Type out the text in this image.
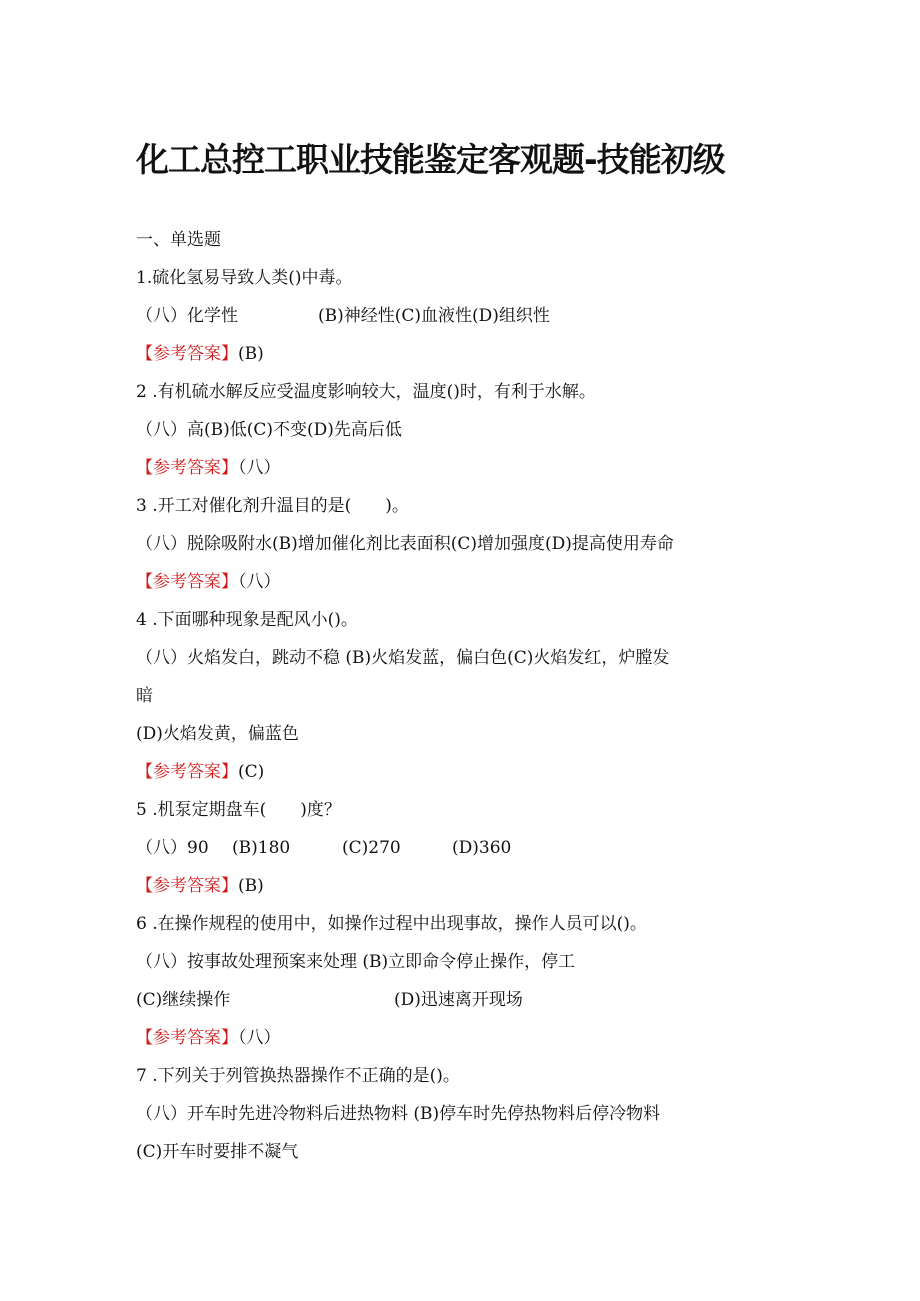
化工总控工职业技能鉴定客观题-技能初级
一、单选题
1.硫化氢易导致人类()中毒。
（八）化学性	(B)神经性(C)血液性(D)组织性
【参考答案】(B)
2 .有机硫水解反应受温度影响较大，温度()时，有利于水解。
（八）高(B)低(C)不变(D)先高后低
【参考答案】（八）
3 .开工对催化剂升温目的是(　　)。
（八）脱除吸附水(B)增加催化剂比表面积(C)增加强度(D)提高使用寿命
【参考答案】（八）
4 .下面哪种现象是配风小()。
（八）火焰发白，跳动不稳 (B)火焰发蓝，偏白色(C)火焰发红，炉膛发
暗
(D)火焰发黄，偏蓝色
【参考答案】(C)
5 .机泵定期盘车(　　)度？
（八）90 (B)180	(C)270	(D)360
【参考答案】(B)
6 .在操作规程的使用中，如操作过程中出现事故，操作人员可以()。
（八）按事故处理预案来处理 (B)立即命令停止操作，停工
(C)继续操作	(D)迅速离开现场
【参考答案】（八）
7 .下列关于列管换热器操作不正确的是()。
（八）开车时先进冷物料后进热物料 (B)停车时先停热物料后停冷物料
(C)开车时要排不凝气
